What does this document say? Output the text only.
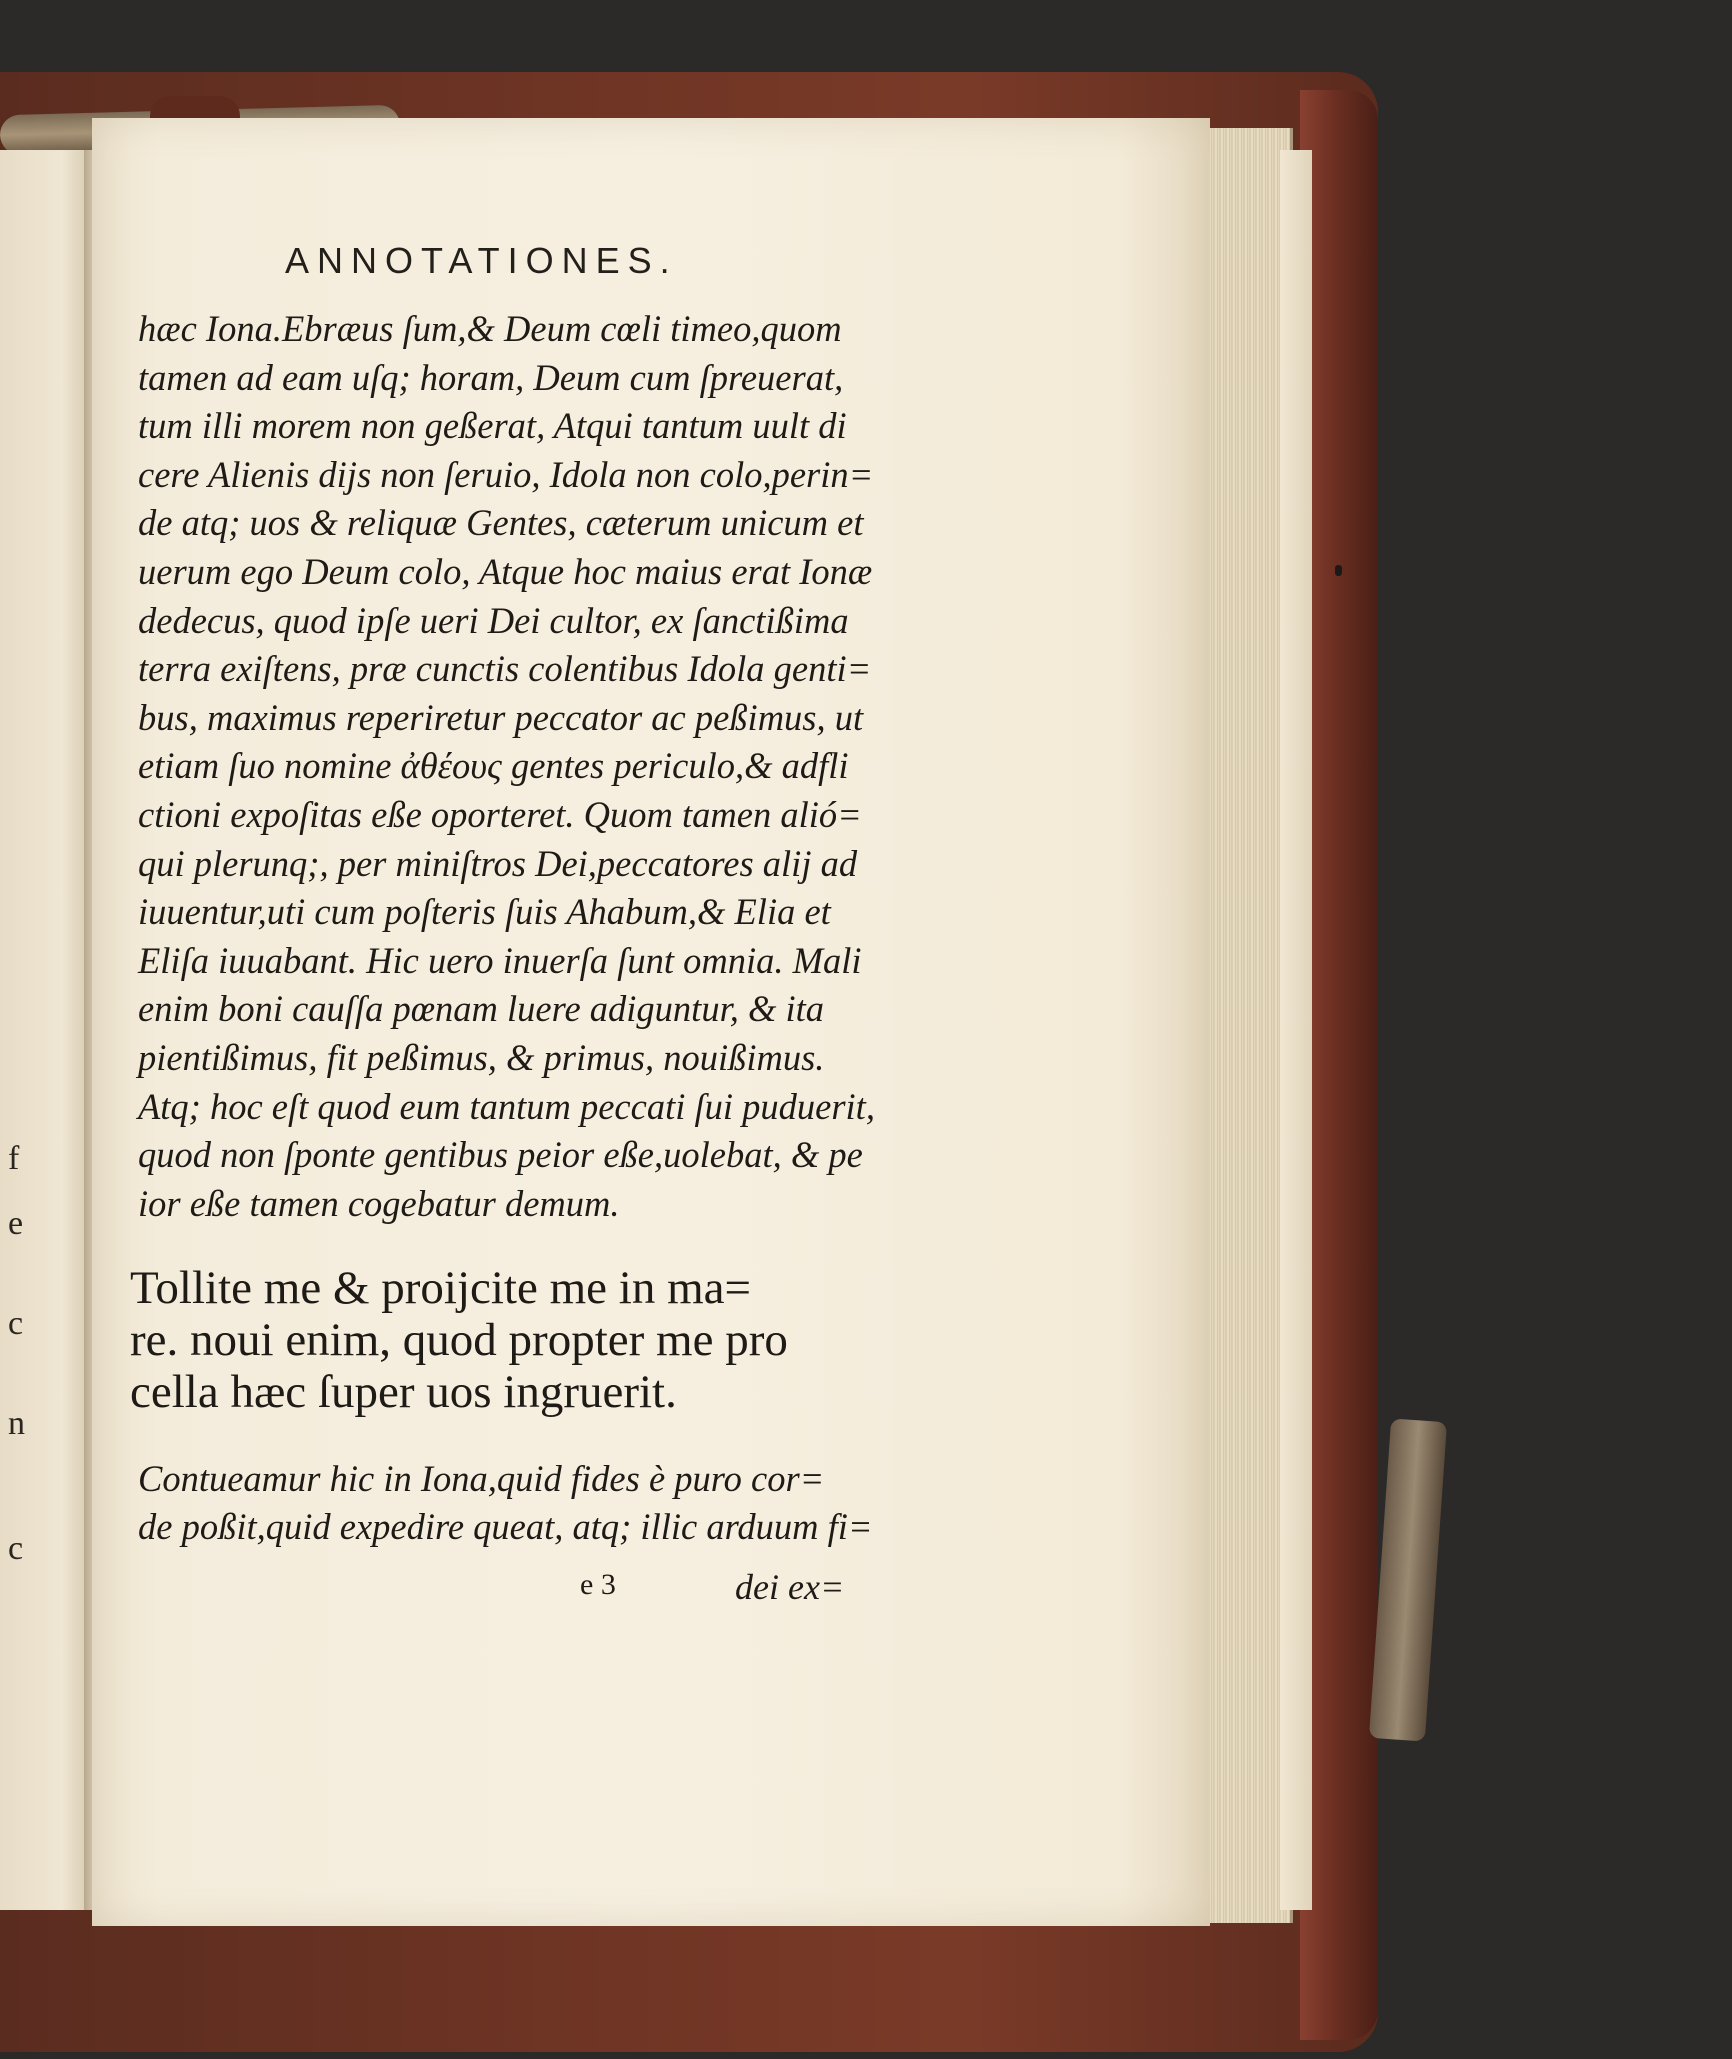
f
e
c
n
c
ANNOTATIONES.
hæc Iona.Ebræus ſum,& Deum cœli timeo,quom
tamen ad eam uſq; horam, Deum cum ſpreuerat,
tum illi morem non geßerat, Atqui tantum uult di
cere Alienis dijs non ſeruio, Idola non colo,perin=
de atq; uos & reliquæ Gentes, cæterum unicum et
uerum ego Deum colo, Atque hoc maius erat Ionæ
dedecus, quod ipſe ueri Dei cultor, ex ſanctißima
terra exiſtens, præ cunctis colentibus Idola genti=
bus, maximus reperiretur peccator ac peßimus, ut
etiam ſuo nomine ἀθέους gentes periculo,& adfli
ctioni expoſitas eße oporteret. Quom tamen alió=
qui plerunq;, per miniſtros Dei,peccatores alij ad
iuuentur,uti cum poſteris ſuis Ahabum,& Elia et
Eliſa iuuabant. Hic uero inuerſa ſunt omnia. Mali
enim boni cauſſa pœnam luere adiguntur, & ita
pientißimus, fit peßimus, & primus, nouißimus.
Atq; hoc eſt quod eum tantum peccati ſui puduerit,
quod non ſponte gentibus peior eße,uolebat, & pe
ior eße tamen cogebatur demum.
Tollite me & proijcite me in ma=
re. noui enim, quod propter me pro
cella hæc ſuper uos ingruerit.
Contueamur hic in Iona,quid fides è puro cor=
de poßit,quid expedire queat, atq; illic arduum fi=
e 3	dei ex=
